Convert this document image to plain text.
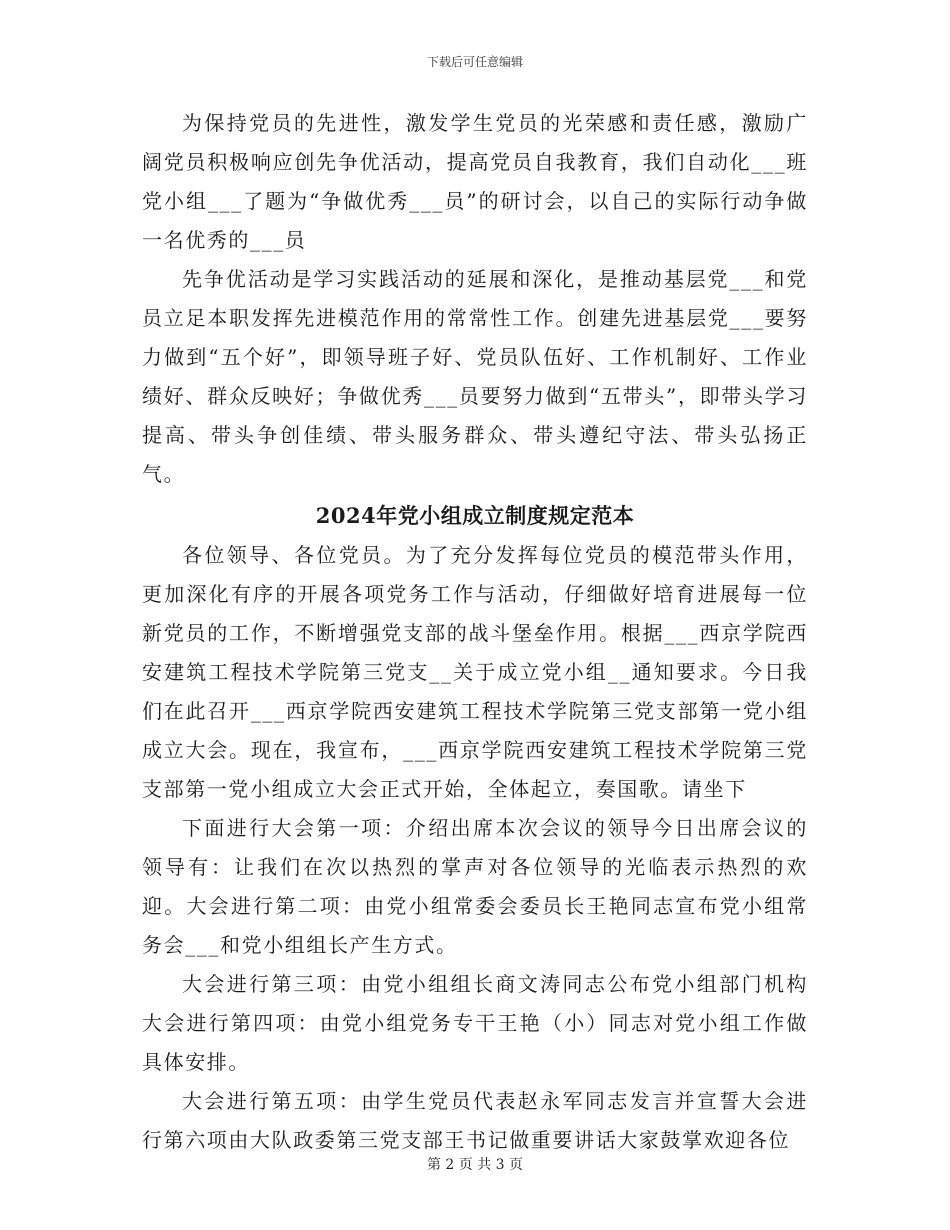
下载后可任意编辑

为保持党员的先进性，激发学生党员的光荣感和责任感，激励广阔党员积极响应创先争优活动，提高党员自我教育，我们自动化___班党小组___了题为“争做优秀___员”的研讨会，以自己的实际行动争做一名优秀的___员

先争优活动是学习实践活动的延展和深化，是推动基层党___和党员立足本职发挥先进模范作用的常常性工作。创建先进基层党___要努力做到“五个好”，即领导班子好、党员队伍好、工作机制好、工作业绩好、群众反映好；争做优秀___员要努力做到“五带头”，即带头学习提高、带头争创佳绩、带头服务群众、带头遵纪守法、带头弘扬正气。

2024年党小组成立制度规定范本

各位领导、各位党员。为了充分发挥每位党员的模范带头作用，更加深化有序的开展各项党务工作与活动，仔细做好培育进展每一位新党员的工作，不断增强党支部的战斗堡垒作用。根据___西京学院西安建筑工程技术学院第三党支__关于成立党小组__通知要求。今日我们在此召开___西京学院西安建筑工程技术学院第三党支部第一党小组成立大会。现在，我宣布，___西京学院西安建筑工程技术学院第三党支部第一党小组成立大会正式开始，全体起立，奏国歌。请坐下

下面进行大会第一项：介绍出席本次会议的领导今日出席会议的领导有：让我们在次以热烈的掌声对各位领导的光临表示热烈的欢迎。大会进行第二项：由党小组常委会委员长王艳同志宣布党小组常务会___和党小组组长产生方式。

大会进行第三项：由党小组组长商文涛同志公布党小组部门机构大会进行第四项：由党小组党务专干王艳（小）同志对党小组工作做具体安排。

大会进行第五项：由学生党员代表赵永军同志发言并宣誓大会进行第六项由大队政委第三党支部王书记做重要讲话大家鼓掌欢迎各位

第 2 页 共 3 页
